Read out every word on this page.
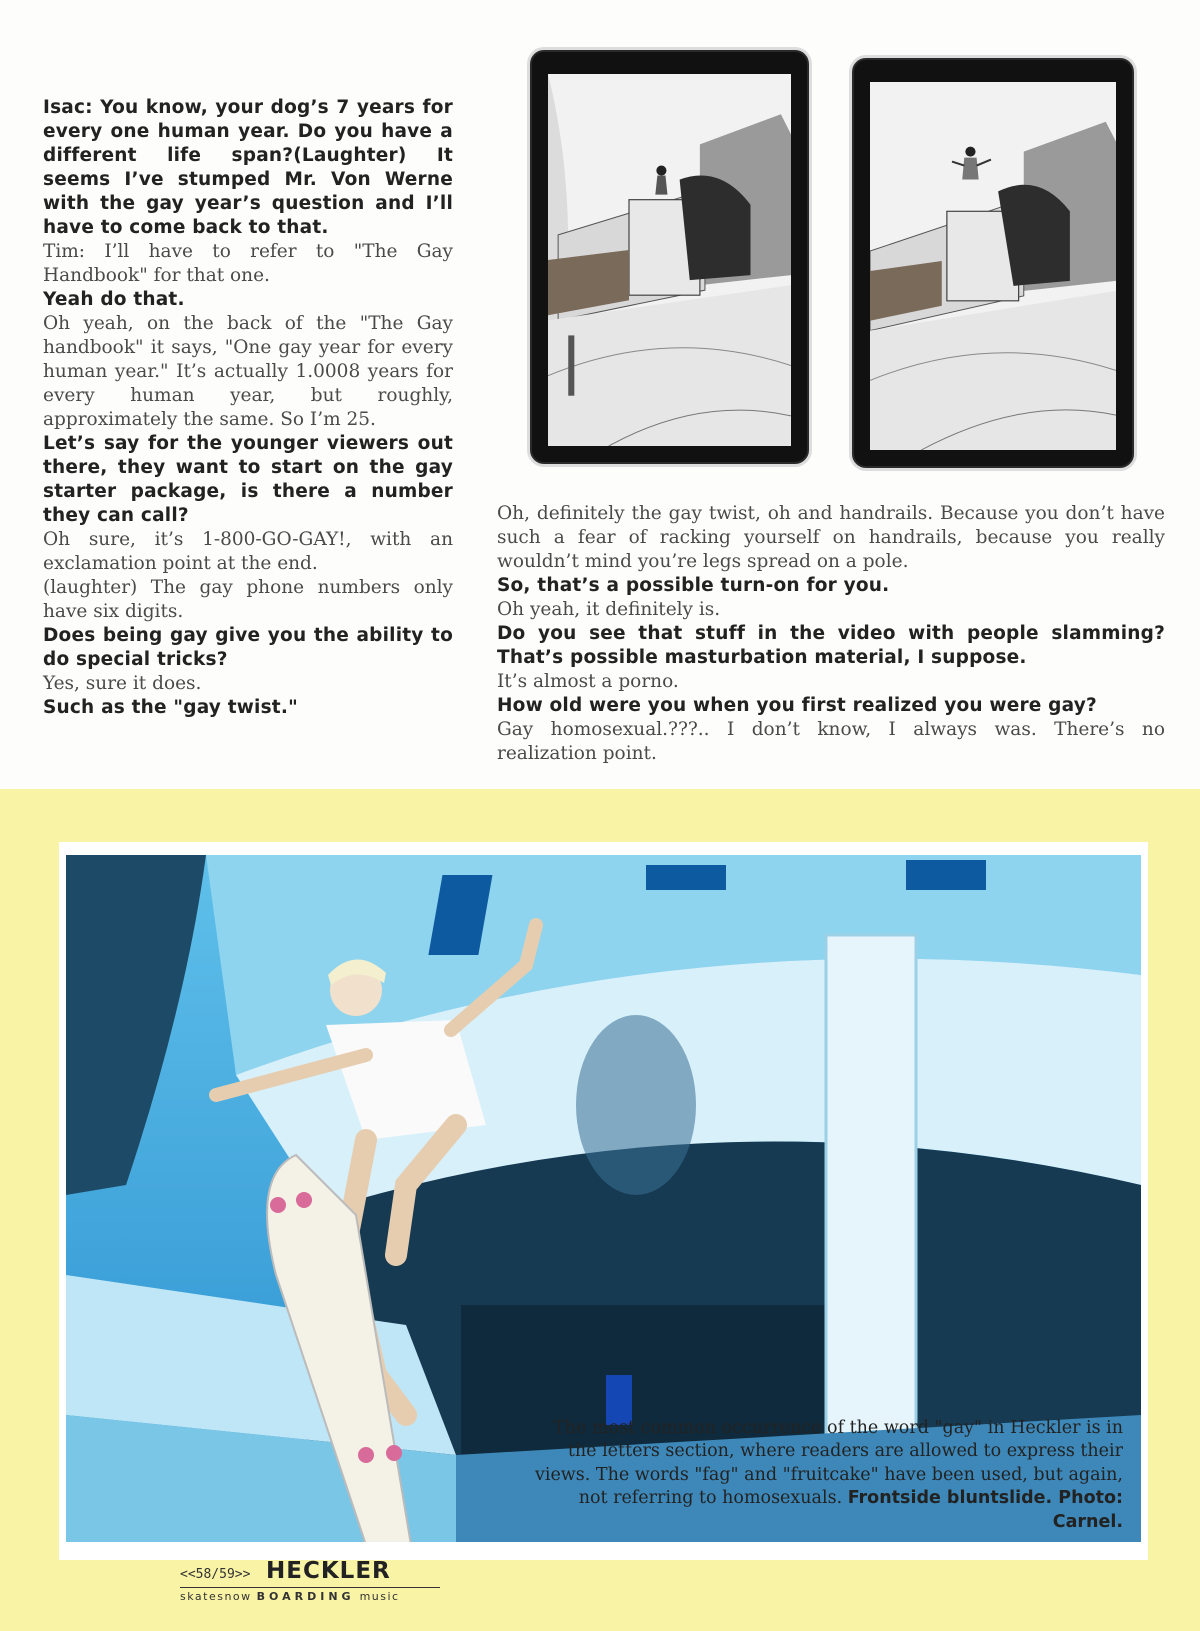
Isac: You know, your dog’s 7 years for every one human year. Do you have a different life span?(Laughter) It seems I’ve stumped Mr. Von Werne with the gay year’s question and I’ll have to come back to that.

Tim: I’ll have to refer to "The Gay Handbook" for that one.

Yeah do that.

Oh yeah, on the back of the "The Gay handbook" it says, "One gay year for every human year." It’s actually 1.0008 years for every human year, but roughly, approximately the same. So I’m 25.

Let’s say for the younger viewers out there, they want to start on the gay starter package, is there a number they can call?

Oh sure, it’s 1-800-GO-GAY!, with an exclamation point at the end.

(laughter) The gay phone numbers only have six digits.

Does being gay give you the ability to do special tricks?

Yes, sure it does.

Such as the "gay twist."

Oh, definitely the gay twist, oh and handrails. Because you don’t have such a fear of racking yourself on handrails, because you really wouldn’t mind you’re legs spread on a pole.

So, that’s a possible turn-on for you.

Oh yeah, it definitely is.

Do you see that stuff in the video with people slamming? That’s possible masturbation material, I suppose.

It’s almost a porno.

How old were you when you first realized you were gay?

Gay homosexual.???.. I don’t know, I always was. There’s no realization point.

The most common occurrence of the word "gay" in Heckler is in the letters section, where readers are allowed to express their views. The words "fag" and "fruitcake" have been used, but again, not referring to homosexuals. Frontside bluntslide. Photo: Carnel.
<<58/59>> HECKLER
skatesnow BOARDING music
